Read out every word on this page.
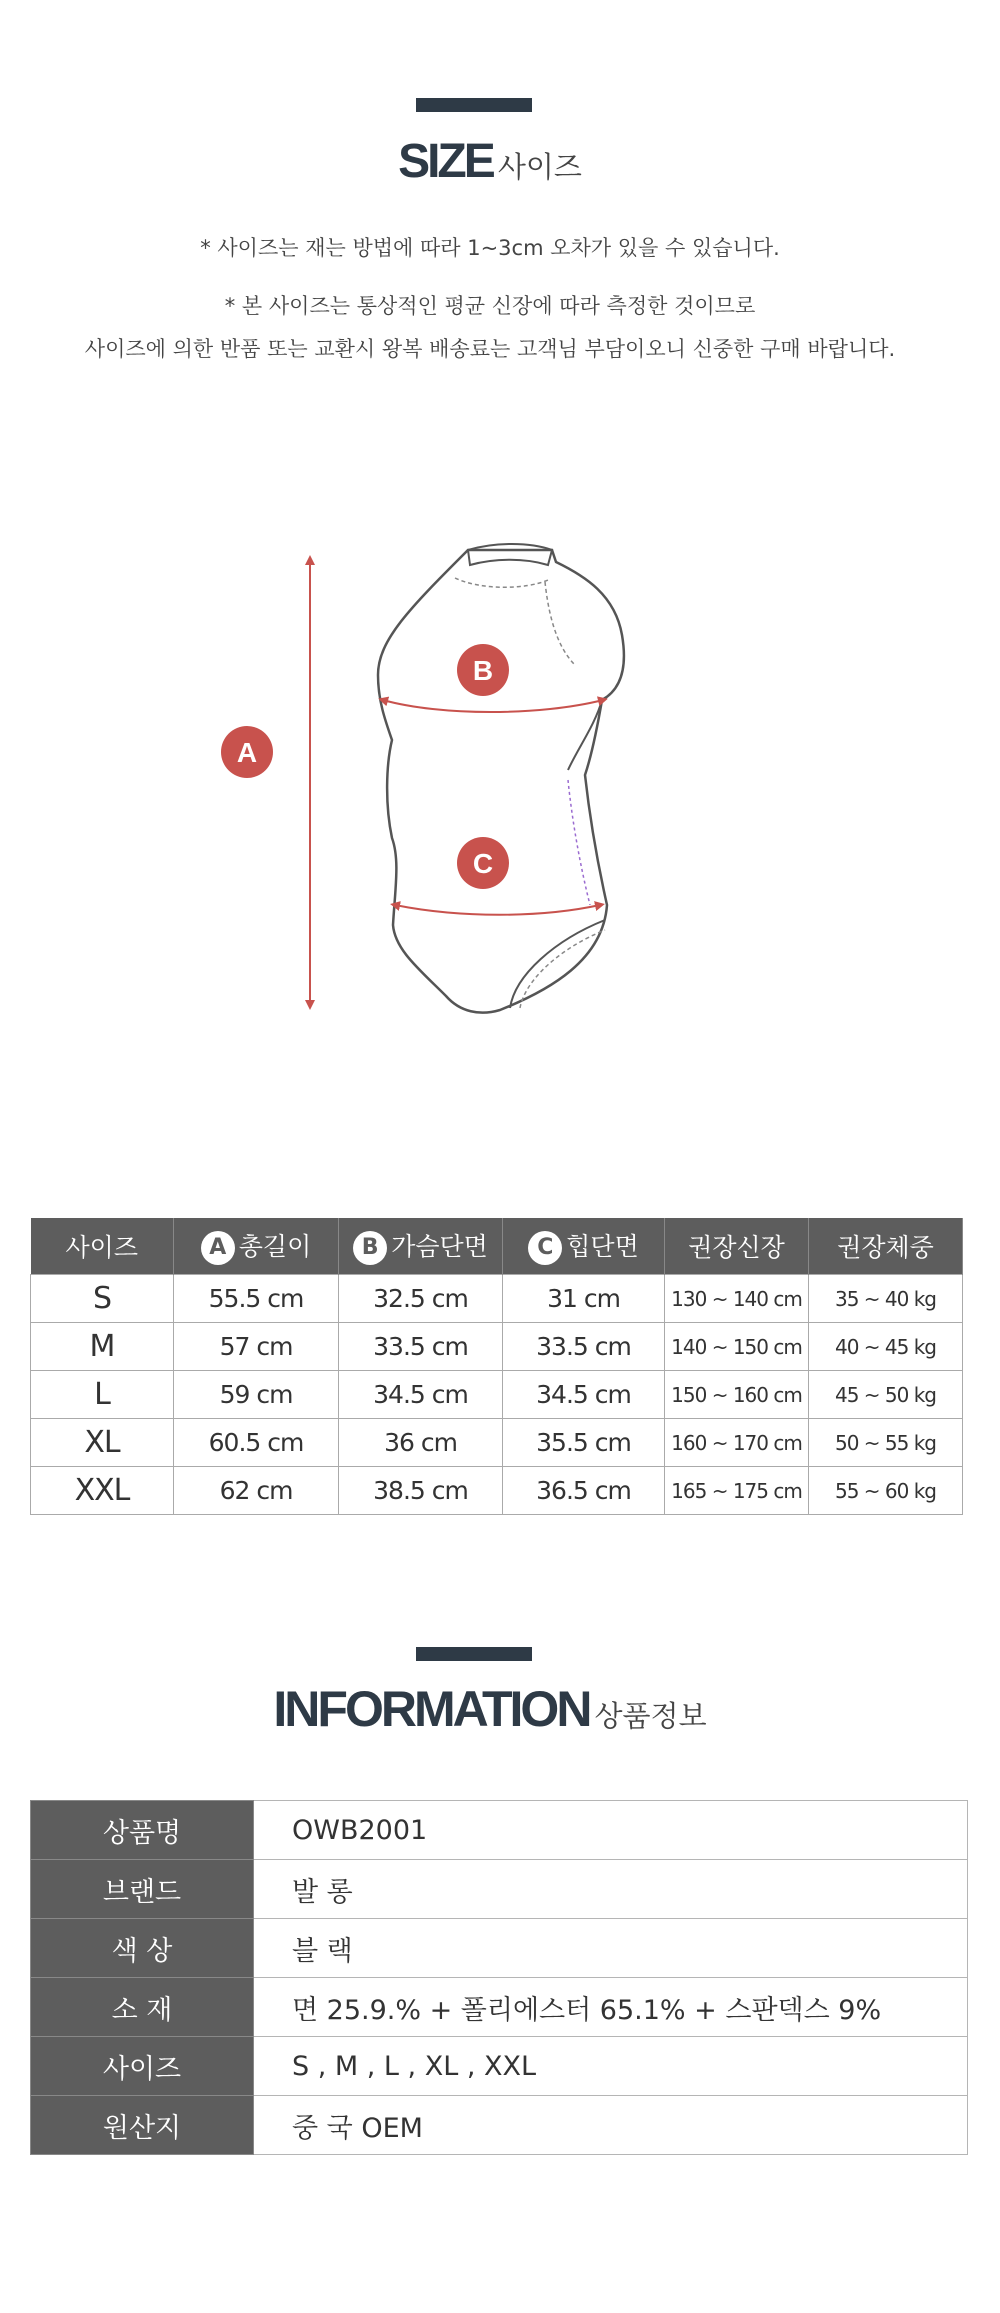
SIZE 사이즈
* 사이즈는 재는 방법에 따라 1~3cm 오차가 있을 수 있습니다.
* 본 사이즈는 통상적인 평균 신장에 따라 측정한 것이므로
사이즈에 의한 반품 또는 교환시 왕복 배송료는 고객님 부담이오니 신중한 구매 바랍니다.
A
B
C
사이즈	A 총길이	B 가슴단면	C 힙단면	권장신장	권장체중
S	55.5 cm	32.5 cm	31 cm	130 ~ 140 cm	35 ~ 40 kg
M	57 cm	33.5 cm	33.5 cm	140 ~ 150 cm	40 ~ 45 kg
L	59 cm	34.5 cm	34.5 cm	150 ~ 160 cm	45 ~ 50 kg
XL	60.5 cm	36 cm	35.5 cm	160 ~ 170 cm	50 ~ 55 kg
XXL	62 cm	38.5 cm	36.5 cm	165 ~ 175 cm	55 ~ 60 kg
INFORMATION 상품정보
상품명	OWB2001
브랜드	발 롱
색 상	블 랙
소 재	면 25.9.% + 폴리에스터 65.1% + 스판덱스 9%
사이즈	S , M , L , XL , XXL
원산지	중 국 OEM
